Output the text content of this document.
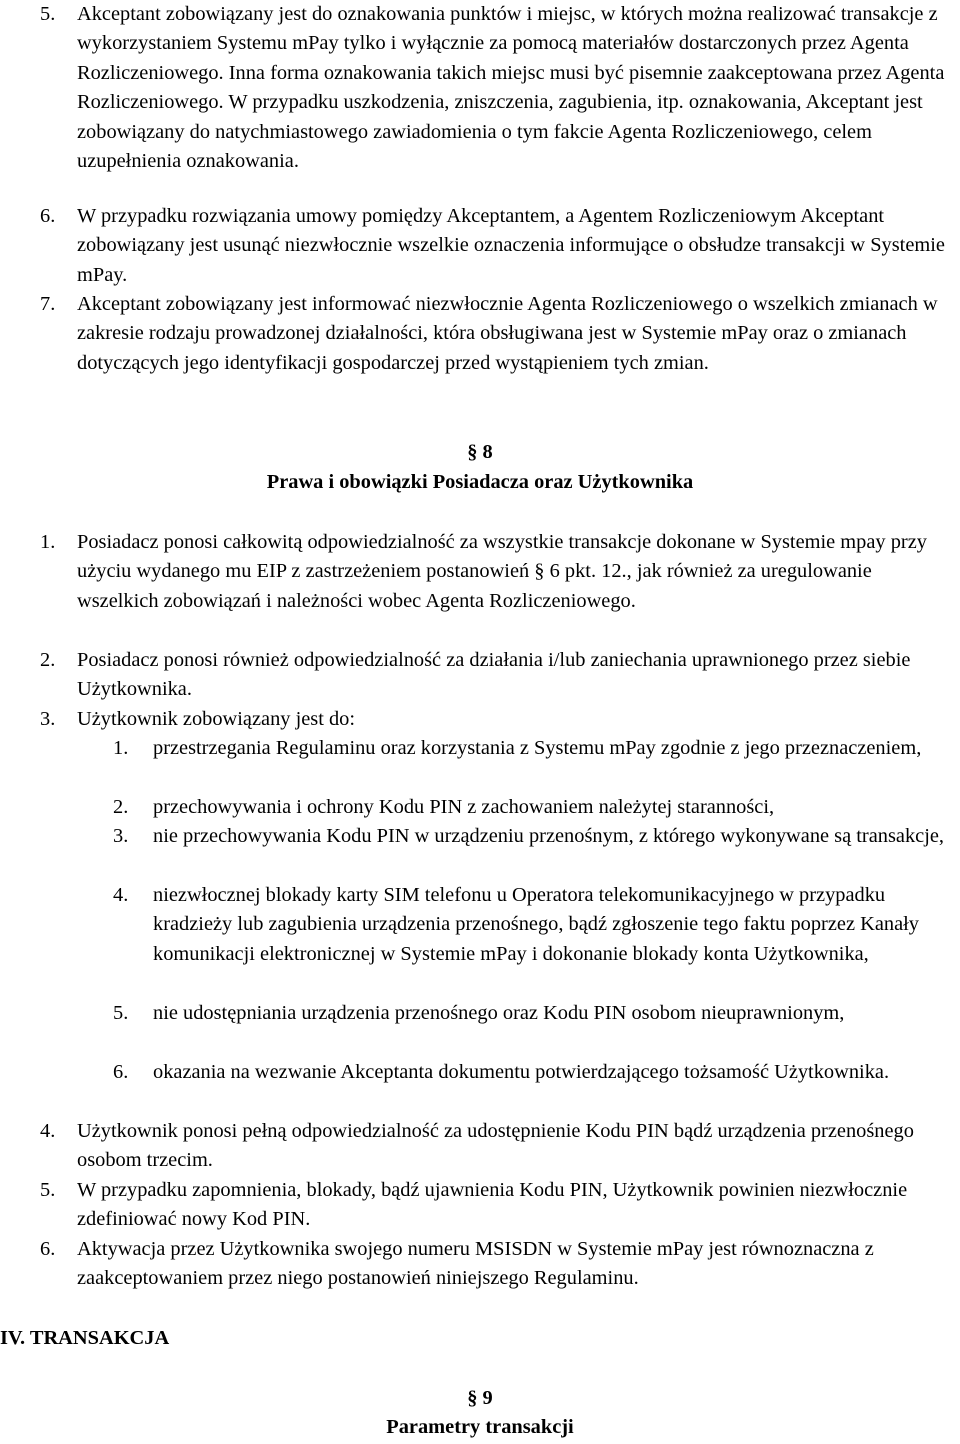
5. Akceptant zobowiązany jest do oznakowania punktów i miejsc, w których można realizować transakcje z wykorzystaniem Systemu mPay tylko i wyłącznie za pomocą materiałów dostarczonych przez Agenta Rozliczeniowego. Inna forma oznakowania takich miejsc musi być pisemnie zaakceptowana przez Agenta Rozliczeniowego. W przypadku uszkodzenia, zniszczenia, zagubienia, itp. oznakowania, Akceptant jest zobowiązany do natychmiastowego zawiadomienia o tym fakcie Agenta Rozliczeniowego, celem uzupełnienia oznakowania.
6. W przypadku rozwiązania umowy pomiędzy Akceptantem, a Agentem Rozliczeniowym Akceptant zobowiązany jest usunąć niezwłocznie wszelkie oznaczenia informujące o obsłudze transakcji w Systemie mPay.
7. Akceptant zobowiązany jest informować niezwłocznie Agenta Rozliczeniowego o wszelkich zmianach w zakresie rodzaju prowadzonej działalności, która obsługiwana jest w Systemie mPay oraz o zmianach dotyczących jego identyfikacji gospodarczej przed wystąpieniem tych zmian.
§ 8
Prawa i obowiązki Posiadacza oraz Użytkownika
1. Posiadacz ponosi całkowitą odpowiedzialność za wszystkie transakcje dokonane w Systemie mpay przy użyciu wydanego mu EIP z zastrzeżeniem postanowień § 6 pkt. 12., jak również za uregulowanie wszelkich zobowiązań i należności wobec Agenta Rozliczeniowego.
2. Posiadacz ponosi również odpowiedzialność za działania i/lub zaniechania uprawnionego przez siebie Użytkownika.
3. Użytkownik zobowiązany jest do:
1. przestrzegania Regulaminu oraz korzystania z Systemu mPay zgodnie z jego przeznaczeniem,
2. przechowywania i ochrony Kodu PIN z zachowaniem należytej staranności,
3. nie przechowywania Kodu PIN w urządzeniu przenośnym, z którego wykonywane są transakcje,
4. niezwłocznej blokady karty SIM telefonu u Operatora telekomunikacyjnego w przypadku kradzieży lub zagubienia urządzenia przenośnego, bądź zgłoszenie tego faktu poprzez Kanały komunikacji elektronicznej w Systemie mPay i dokonanie blokady konta Użytkownika,
5. nie udostępniania urządzenia przenośnego oraz Kodu PIN osobom nieuprawnionym,
6. okazania na wezwanie Akceptanta dokumentu potwierdzającego tożsamość Użytkownika.
4. Użytkownik ponosi pełną odpowiedzialność za udostępnienie Kodu PIN bądź urządzenia przenośnego osobom trzecim.
5. W przypadku zapomnienia, blokady, bądź ujawnienia Kodu PIN, Użytkownik powinien niezwłocznie zdefiniować nowy Kod PIN.
6. Aktywacja przez Użytkownika swojego numeru MSISDN w Systemie mPay jest równoznaczna z zaakceptowaniem przez niego postanowień niniejszego Regulaminu.
IV. TRANSAKCJA
§ 9
Parametry transakcji
